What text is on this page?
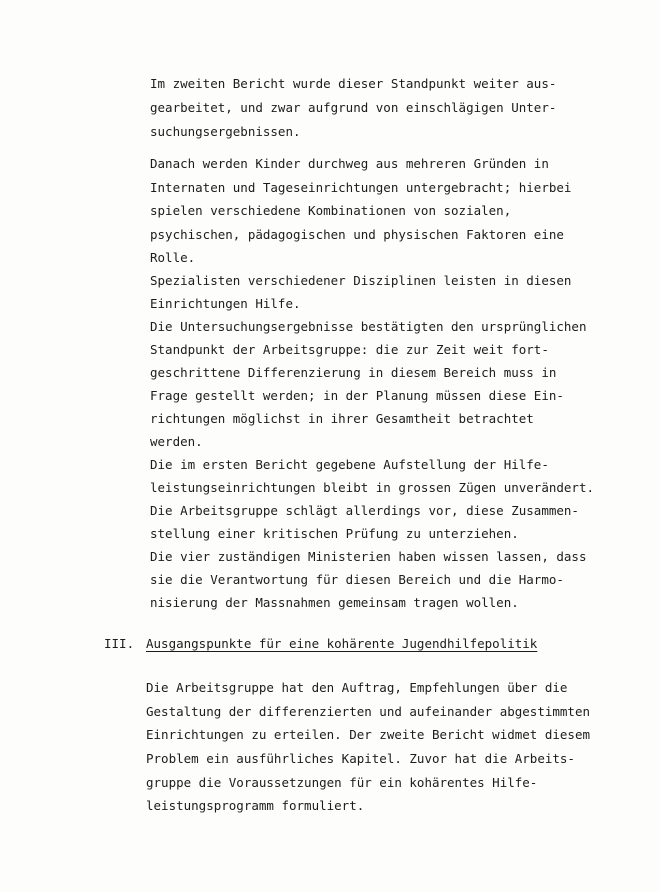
Im zweiten Bericht wurde dieser Standpunkt weiter aus-
gearbeitet, und zwar aufgrund von einschlägigen Unter-
suchungsergebnissen.
Danach werden Kinder durchweg aus mehreren Gründen in
Internaten und Tageseinrichtungen untergebracht; hierbei
spielen verschiedene Kombinationen von sozialen,
psychischen, pädagogischen und physischen Faktoren eine
Rolle.
Spezialisten verschiedener Disziplinen leisten in diesen
Einrichtungen Hilfe.
Die Untersuchungsergebnisse bestätigten den ursprünglichen
Standpunkt der Arbeitsgruppe: die zur Zeit weit fort-
geschrittene Differenzierung in diesem Bereich muss in
Frage gestellt werden; in der Planung müssen diese Ein-
richtungen möglichst in ihrer Gesamtheit betrachtet
werden.
Die im ersten Bericht gegebene Aufstellung der Hilfe-
leistungseinrichtungen bleibt in grossen Zügen unverändert.
Die Arbeitsgruppe schlägt allerdings vor, diese Zusammen-
stellung einer kritischen Prüfung zu unterziehen.
Die vier zuständigen Ministerien haben wissen lassen, dass
sie die Verantwortung für diesen Bereich und die Harmo-
nisierung der Massnahmen gemeinsam tragen wollen.
III. Ausgangspunkte für eine kohärente Jugendhilfepolitik
Die Arbeitsgruppe hat den Auftrag, Empfehlungen über die
Gestaltung der differenzierten und aufeinander abgestimmten
Einrichtungen zu erteilen. Der zweite Bericht widmet diesem
Problem ein ausführliches Kapitel. Zuvor hat die Arbeits-
gruppe die Voraussetzungen für ein kohärentes Hilfe-
leistungsprogramm formuliert.
